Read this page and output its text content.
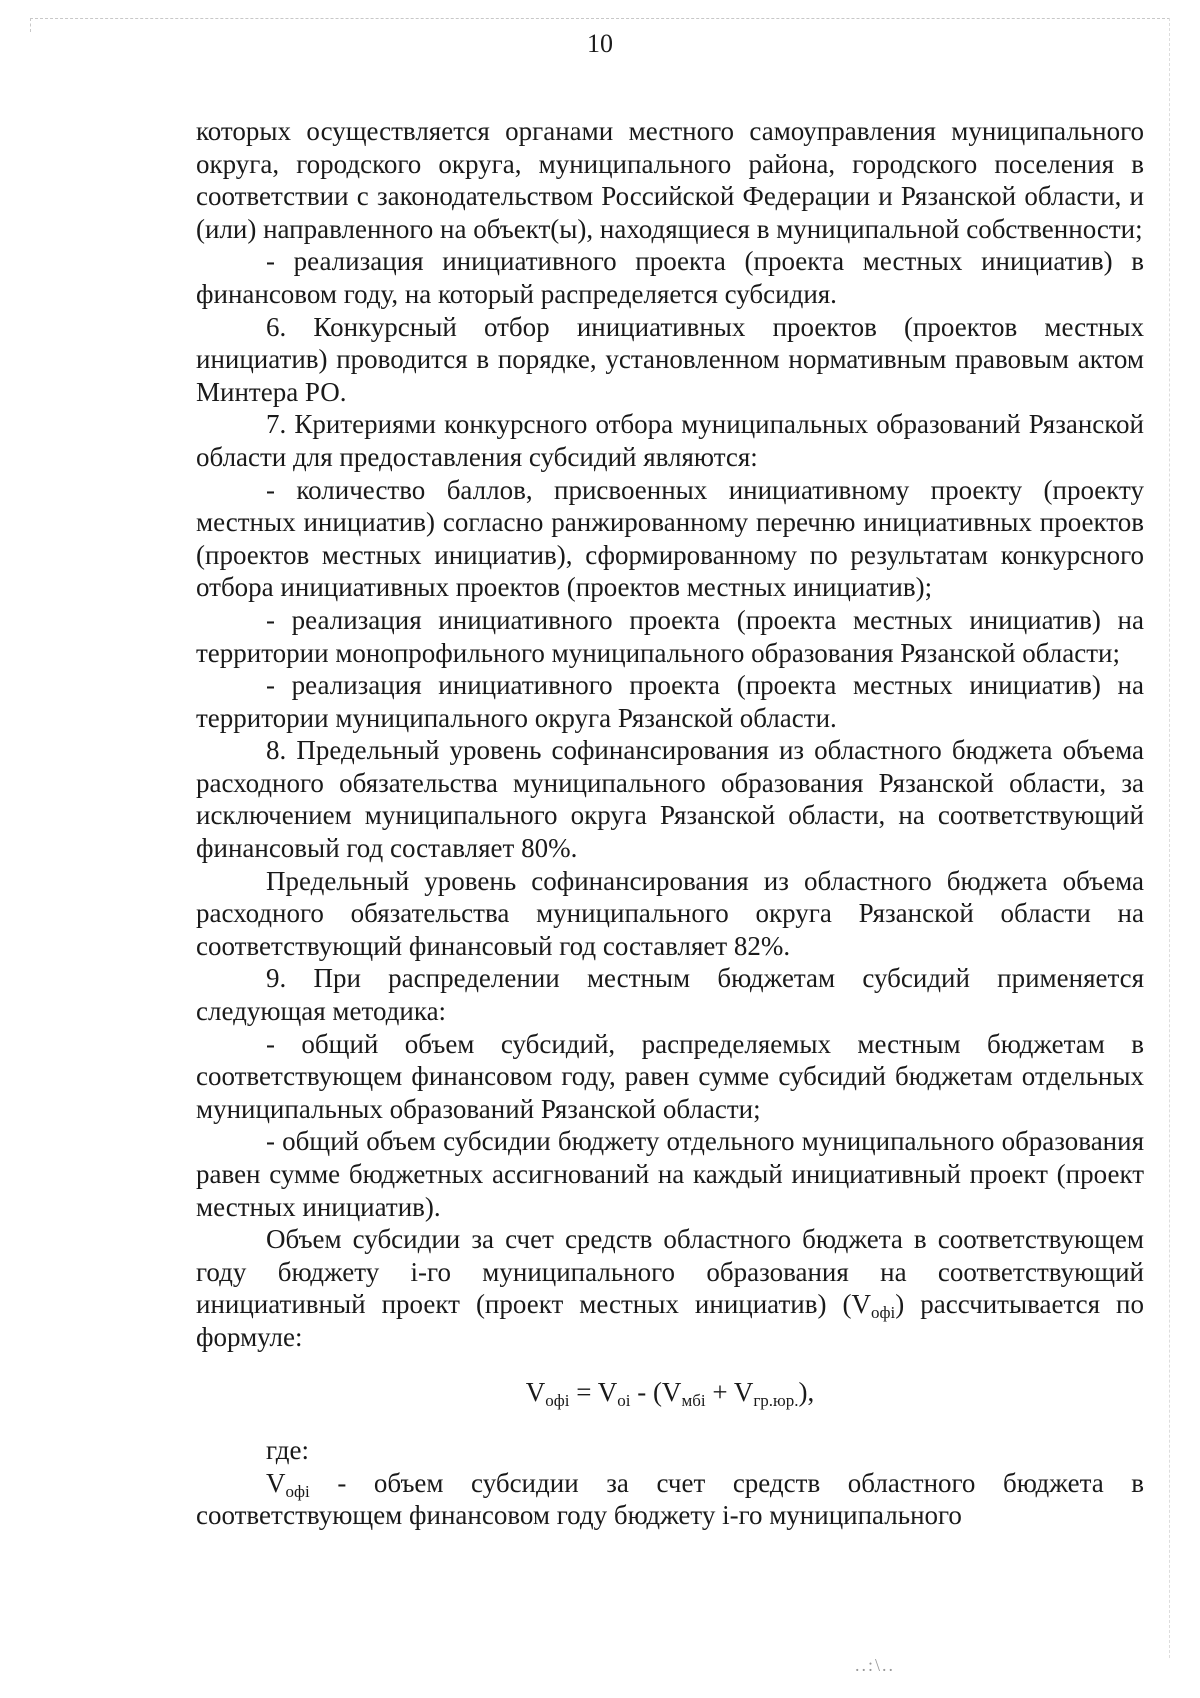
10

которых осуществляется органами местного самоуправления муниципального округа, городского округа, муниципального района, городского поселения в соответствии с законодательством Российской Федерации и Рязанской области, и (или) направленного на объект(ы), находящиеся в муниципальной собственности;

- реализация инициативного проекта (проекта местных инициатив) в финансовом году, на который распределяется субсидия.

6. Конкурсный отбор инициативных проектов (проектов местных инициатив) проводится в порядке, установленном нормативным правовым актом Минтера РО.

7. Критериями конкурсного отбора муниципальных образований Рязанской области для предоставления субсидий являются:

- количество баллов, присвоенных инициативному проекту (проекту местных инициатив) согласно ранжированному перечню инициативных проектов (проектов местных инициатив), сформированному по результатам конкурсного отбора инициативных проектов (проектов местных инициатив);

- реализация инициативного проекта (проекта местных инициатив) на территории монопрофильного муниципального образования Рязанской области;

- реализация инициативного проекта (проекта местных инициатив) на территории муниципального округа Рязанской области.

8. Предельный уровень софинансирования из областного бюджета объема расходного обязательства муниципального образования Рязанской области, за исключением муниципального округа Рязанской области, на соответствующий финансовый год составляет 80%.

Предельный уровень софинансирования из областного бюджета объема расходного обязательства муниципального округа Рязанской области на соответствующий финансовый год составляет 82%.

9. При распределении местным бюджетам субсидий применяется следующая методика:

- общий объем субсидий, распределяемых местным бюджетам в соответствующем финансовом году, равен сумме субсидий бюджетам отдельных муниципальных образований Рязанской области;

- общий объем субсидии бюджету отдельного муниципального образования равен сумме бюджетных ассигнований на каждый инициативный проект (проект местных инициатив).

Объем субсидии за счет средств областного бюджета в соответствующем году бюджету i-го муниципального образования на соответствующий инициативный проект (проект местных инициатив) $(V_{офi})$ рассчитывается по формуле:

$V_{офi} = V_{oi} - (V_{мбi} + V_{гр.юр.})$,

где:

$V_{офi}$ - объем субсидии за счет средств областного бюджета в соответствующем финансовом году бюджету i-го муниципального

..:\..
